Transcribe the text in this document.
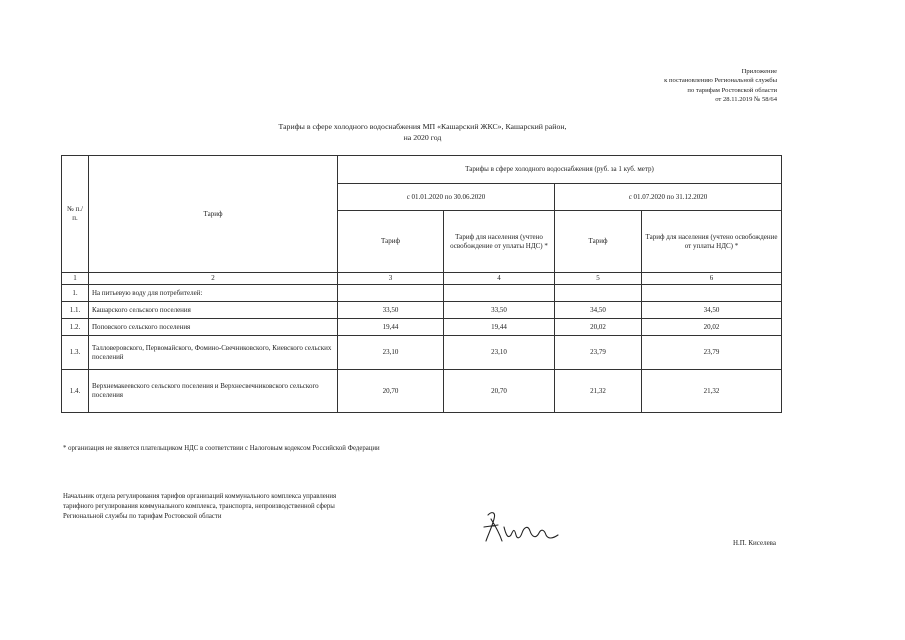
Приложение
к постановлению Региональной службы
по тарифам Ростовской области
от 28.11.2019 № 58/64
Тарифы в сфере холодного водоснабжения МП «Кашарский ЖКС», Кашарский район,
на 2020 год
№ п./п.	Тариф	Тарифы в сфере холодного водоснабжения (руб. за 1 куб. метр)			
		с 01.01.2020 по 30.06.2020		с 01.07.2020 по 31.12.2020	
		Тариф	Тариф для населения (учтено освобождение от уплаты НДС) *	Тариф	Тариф для населения (учтено освобождение от уплаты НДС) *
1	2	3	4	5	6
1.	На питьевую воду для потребителей:				
1.1.	Кашарского сельского поселения	33,50	33,50	34,50	34,50
1.2.	Поповского сельского поселения	19,44	19,44	20,02	20,02
1.3.	Талловеровского, Первомайского, Фомино-Свечниковского, Киевского сельских поселений	23,10	23,10	23,79	23,79
1.4.	Верхнемакеевского сельского поселения и Верхнесвечниковского сельского поселения	20,70	20,70	21,32	21,32
* организация не является плательщиком НДС в соответствии с Налоговым кодексом Российской Федерации
Начальник отдела регулирования тарифов организаций коммунального комплекса управления тарифного регулирования коммунального комплекса, транспорта, непроизводственной сферы Региональной службы по тарифам Ростовской области
Н.П. Киселева
